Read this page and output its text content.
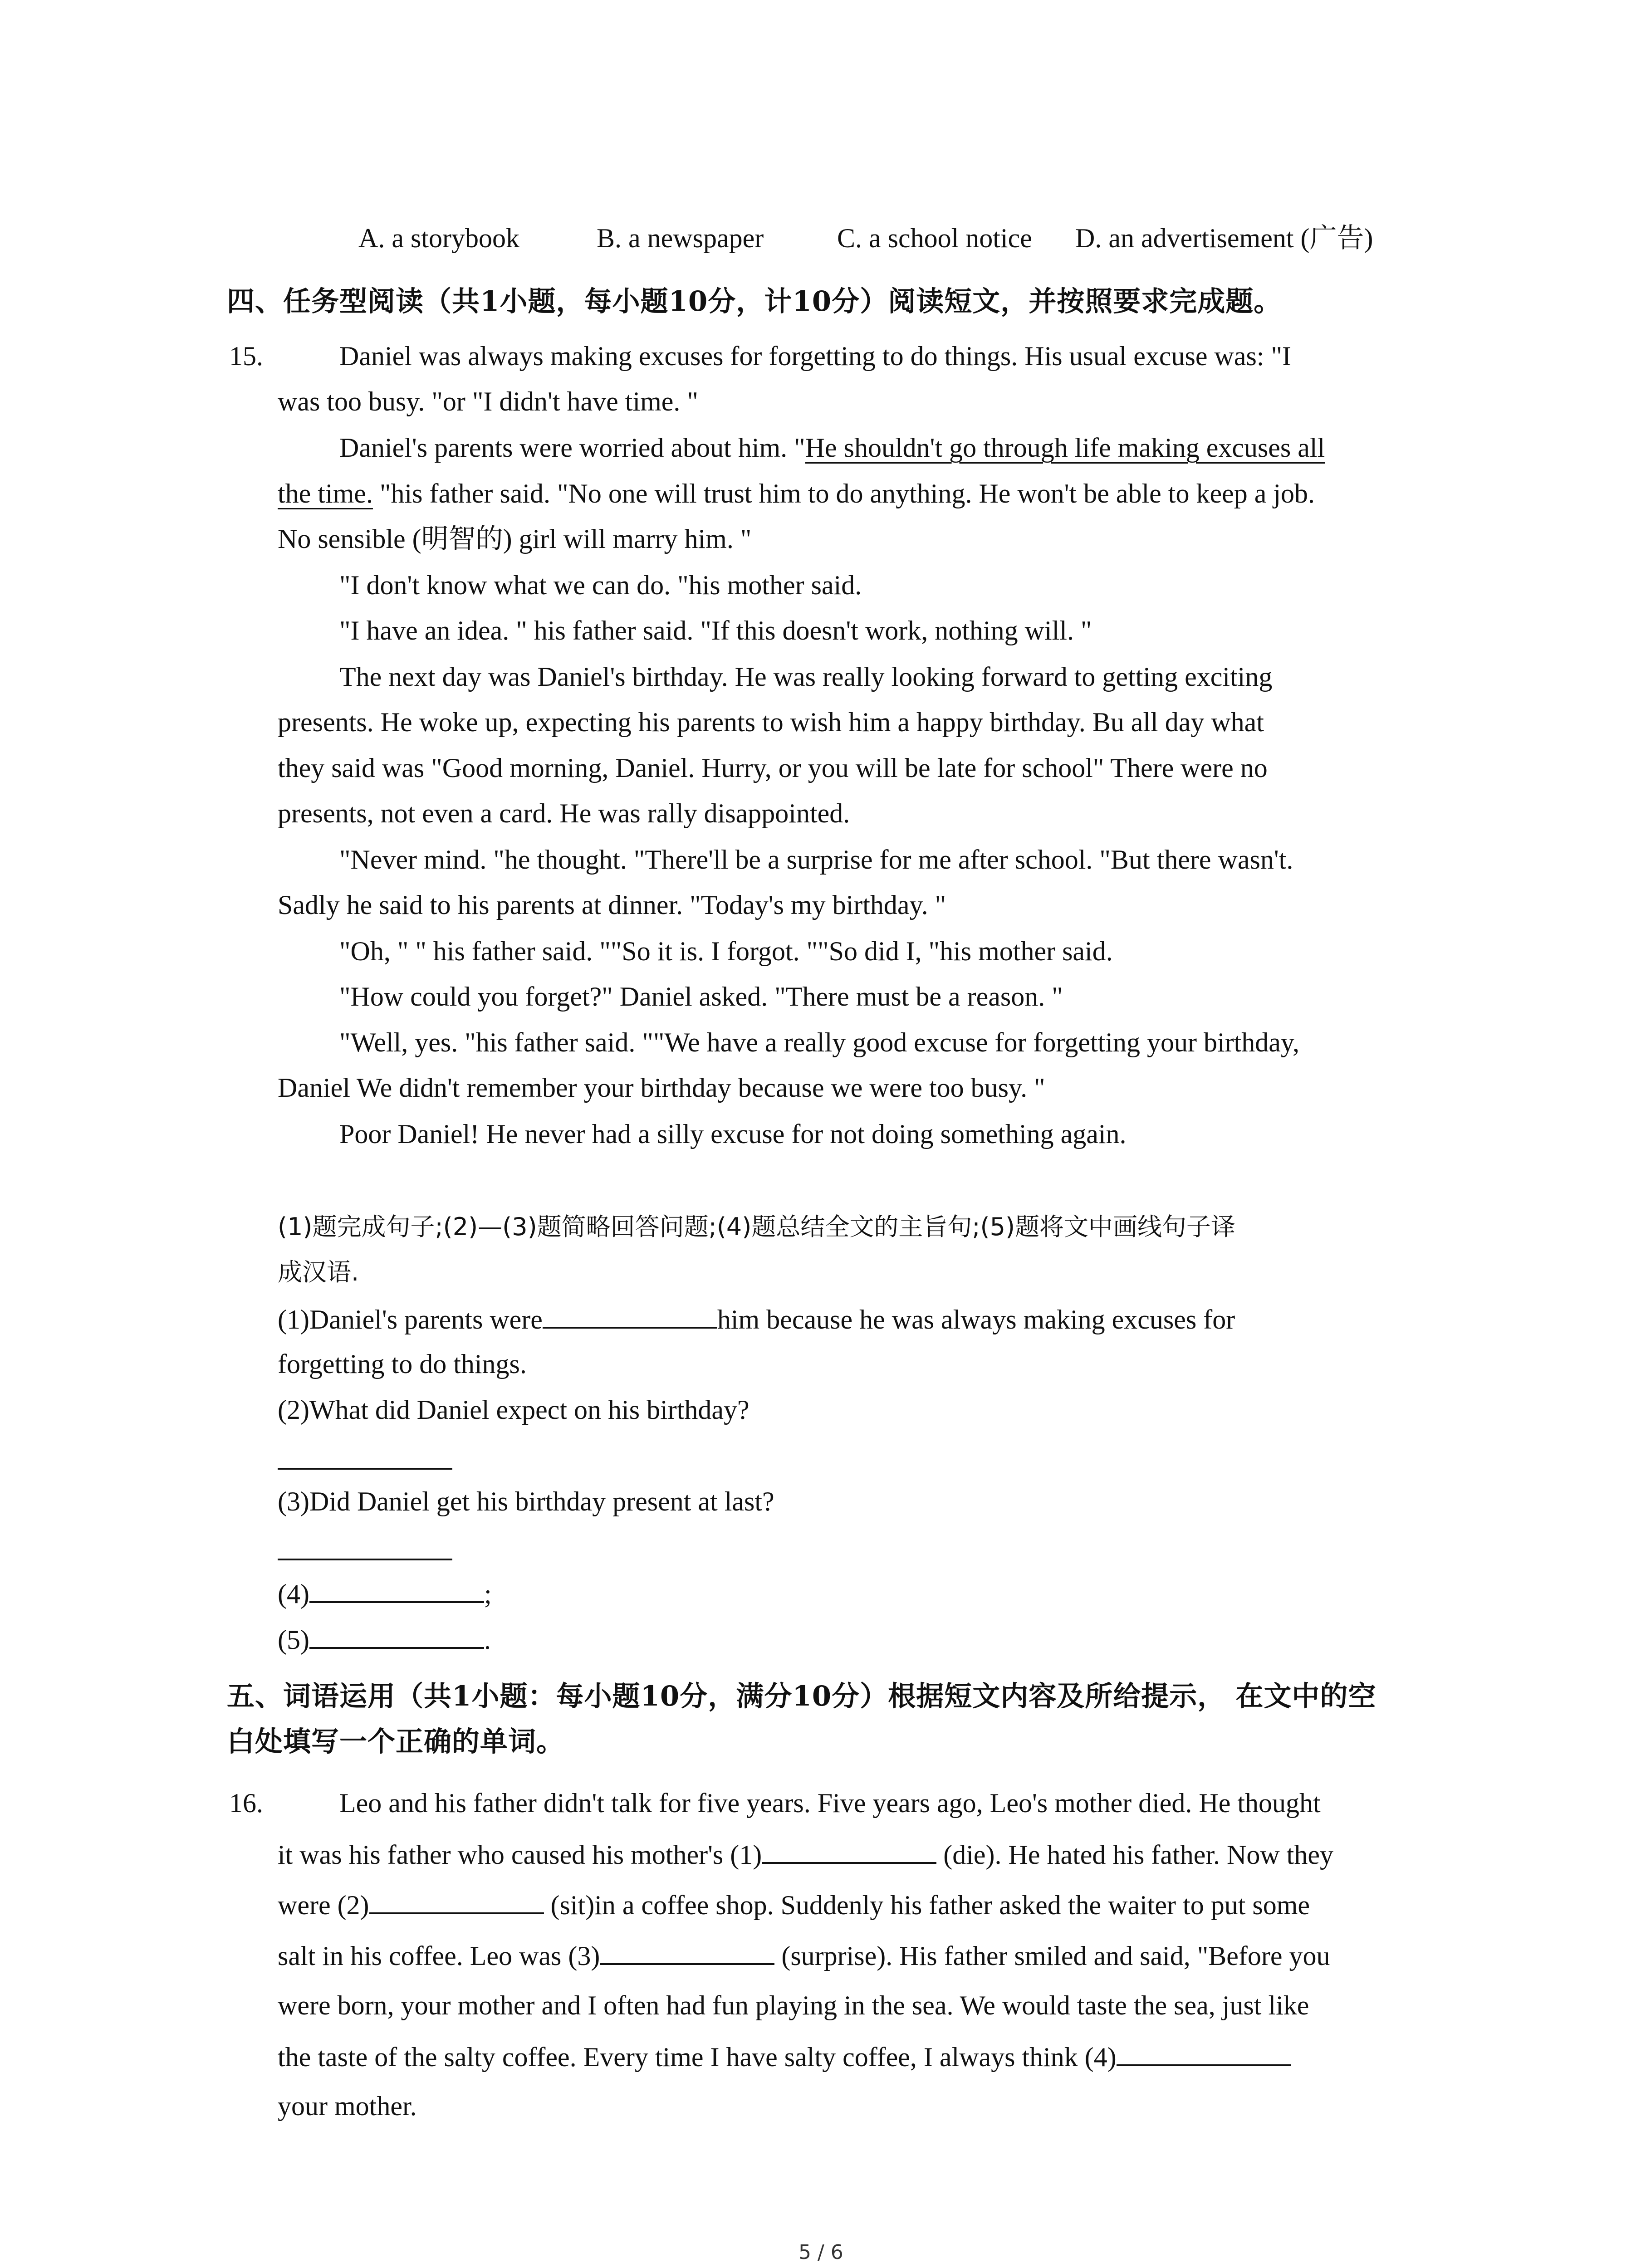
A. a storybook	B. a newspaper	C. a school notice D. an advertisement (广告)
四、任务型阅读（共1小题，每小题10分，计10分）阅读短文，并按照要求完成题。
15.	Daniel was always making excuses for forgetting to do things. His usual excuse was: "I
was too busy. "or "I didn't have time. "
Daniel's parents were worried about him. "He shouldn't go through life making excuses all
the time. "his father said. "No one will trust him to do anything. He won't be able to keep a job.
No sensible (明智的) girl will marry him. "
"I don't know what we can do. "his mother said.
"I have an idea. " his father said. "If this doesn't work, nothing will. "
The next day was Daniel's birthday. He was really looking forward to getting exciting
presents. He woke up, expecting his parents to wish him a happy birthday. Bu all day what
they said was "Good morning, Daniel. Hurry, or you will be late for school" There were no
presents, not even a card. He was rally disappointed.
"Never mind. "he thought. "There'll be a surprise for me after school. "But there wasn't.
Sadly he said to his parents at dinner. "Today's my birthday. "
"Oh, " " his father said. ""So it is. I forgot. ""So did I, "his mother said.
"How could you forget?" Daniel asked. "There must be a reason. "
"Well, yes. "his father said. ""We have a really good excuse for forgetting your birthday,
Daniel We didn't remember your birthday because we were too busy. "
Poor Daniel! He never had a silly excuse for not doing something again.
(1)题完成句子;(2)—(3)题简略回答问题;(4)题总结全文的主旨句;(5)题将文中画线句子译
成汉语.
(1)Daniel's parents were	him because he was always making excuses for
forgetting to do things.
(2)What did Daniel expect on his birthday?
(3)Did Daniel get his birthday present at last?
(4)	;
(5)	.
五、词语运用（共1小题：每小题10分，满分10分）根据短文内容及所给提示， 在文中的空
白处填写一个正确的单词。
16.	Leo and his father didn't talk for five years. Five years ago, Leo's mother died. He thought
it was his father who caused his mother's (1)	(die). He hated his father. Now they
were (2)	(sit)in a coffee shop. Suddenly his father asked the waiter to put some
salt in his coffee. Leo was (3)	(surprise). His father smiled and said, "Before you
were born, your mother and I often had fun playing in the sea. We would taste the sea, just like
the taste of the salty coffee. Every time I have salty coffee, I always think (4)
your mother.
5 / 6
